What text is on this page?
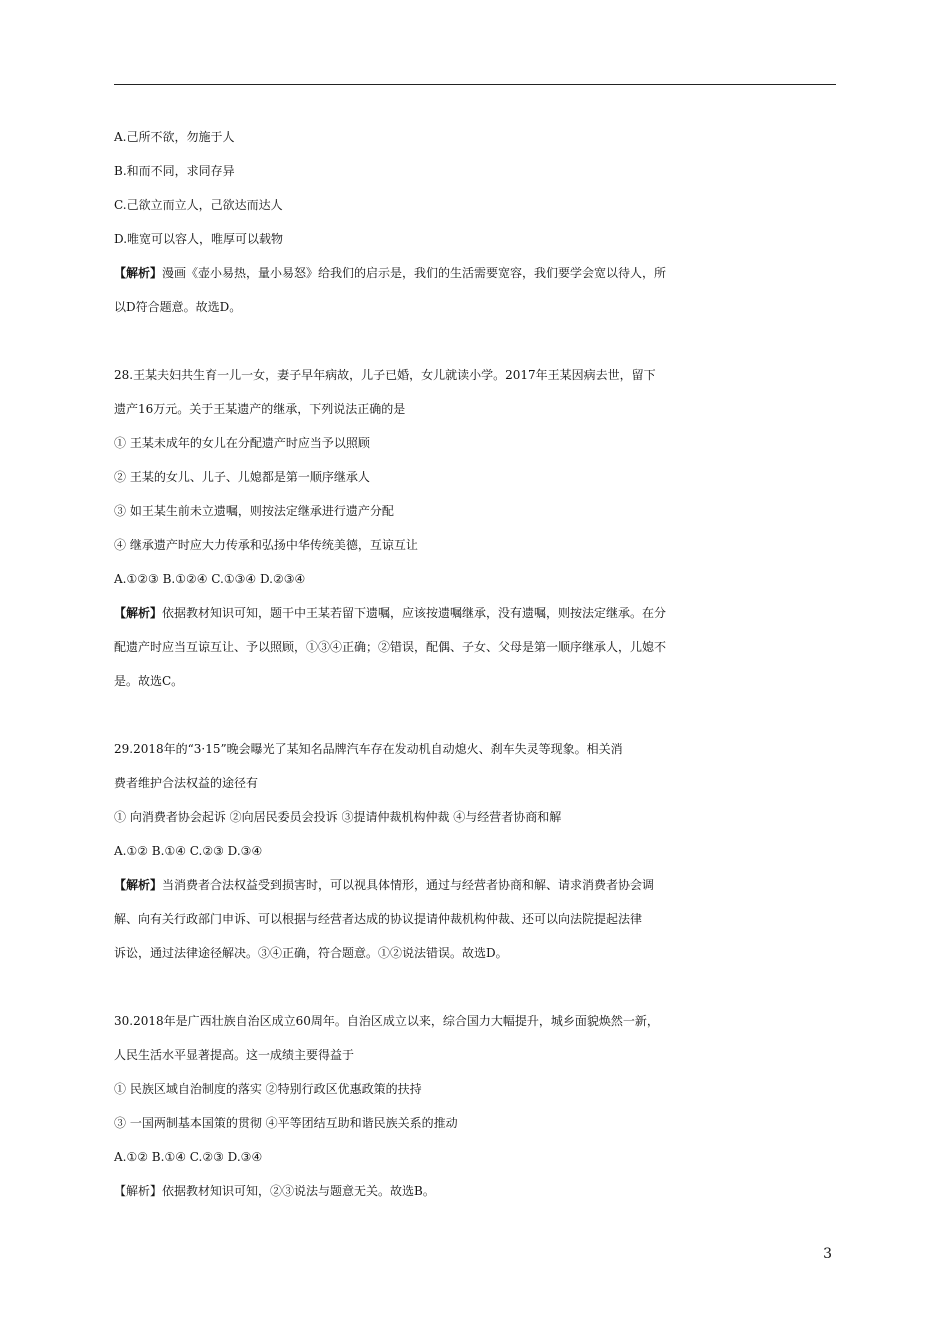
A.己所不欲，勿施于人
B.和而不同，求同存异
C.己欲立而立人，己欲达而达人
D.唯宽可以容人，唯厚可以载物
【解析】漫画《壶小易热，量小易怒》给我们的启示是，我们的生活需要宽容，我们要学会宽以待人，所
以D符合题意。故选D。
28.王某夫妇共生育一儿一女，妻子早年病故，儿子已婚，女儿就读小学。2017年王某因病去世，留下
遗产16万元。关于王某遗产的继承，下列说法正确的是
① 王某未成年的女儿在分配遗产时应当予以照顾
② 王某的女儿、儿子、儿媳都是第一顺序继承人
③ 如王某生前未立遗嘱，则按法定继承进行遗产分配
④ 继承遗产时应大力传承和弘扬中华传统美德，互谅互让
A.①②③ B.①②④ C.①③④ D.②③④
【解析】依据教材知识可知，题干中王某若留下遗嘱，应该按遗嘱继承，没有遗嘱，则按法定继承。在分
配遗产时应当互谅互让、予以照顾，①③④正确；②错误，配偶、子女、父母是第一顺序继承人，儿媳不
是。故选C。
29.2018年的“3·15”晚会曝光了某知名品牌汽车存在发动机自动熄火、刹车失灵等现象。相关消
费者维护合法权益的途径有
① 向消费者协会起诉 ②向居民委员会投诉 ③提请仲裁机构仲裁 ④与经营者协商和解
A.①② B.①④ C.②③ D.③④
【解析】当消费者合法权益受到损害时，可以视具体情形，通过与经营者协商和解、请求消费者协会调
解、向有关行政部门申诉、可以根据与经营者达成的协议提请仲裁机构仲裁、还可以向法院提起法律
诉讼，通过法律途径解决。③④正确，符合题意。①②说法错误。故选D。
30.2018年是广西壮族自治区成立60周年。自治区成立以来，综合国力大幅提升，城乡面貌焕然一新，
人民生活水平显著提高。这一成绩主要得益于
① 民族区域自治制度的落实 ②特别行政区优惠政策的扶持
③ 一国两制基本国策的贯彻 ④平等团结互助和谐民族关系的推动
A.①② B.①④ C.②③ D.③④
【解析】依据教材知识可知，②③说法与题意无关。故选B。
3
